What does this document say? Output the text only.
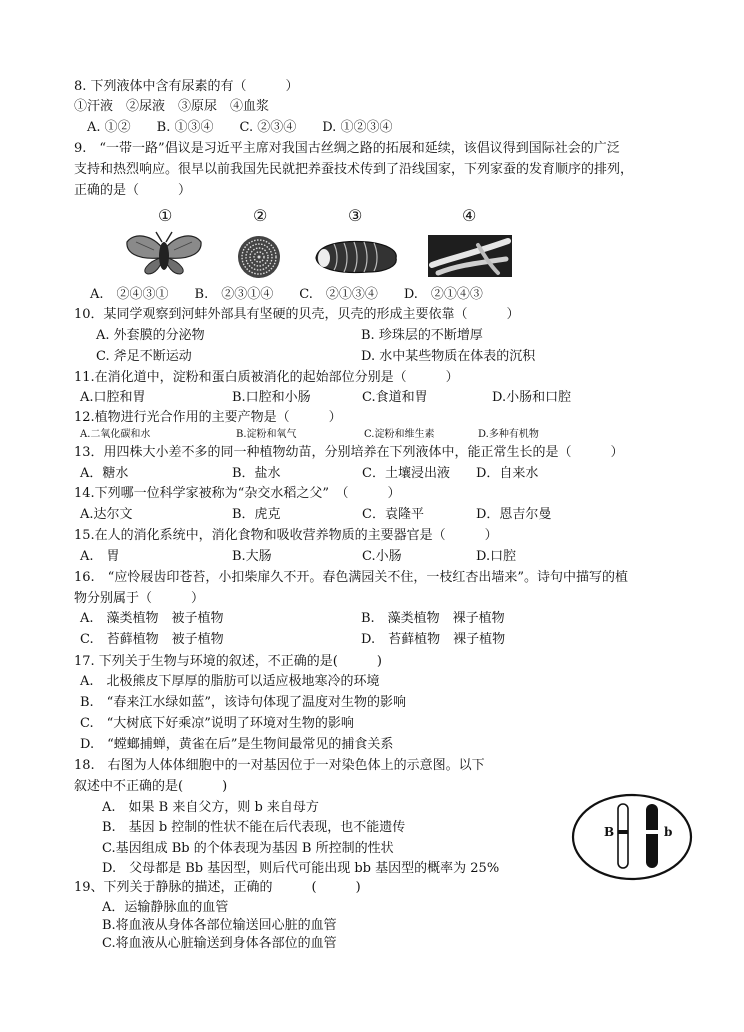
8. 下列液体中含有尿素的有（　　　）
①汗液　②尿液　③原尿　④血浆
　A. ①②　　B. ①③④　　C. ②③④　　D. ①②③④
9.　“一带一路”倡议是习近平主席对我国古丝绸之路的拓展和延续，该倡议得到国际社会的广泛
支持和热烈响应。很早以前我国先民就把养蚕技术传到了沿线国家，下列家蚕的发育顺序的排列，
正确的是（　　　）
①	②	③	④
A.　②④③①　　B.　②③①④　　C.　②①③④　　D.　②①④③
10．某同学观察到河蚌外部具有坚硬的贝壳，贝壳的形成主要依靠（　　　）
A. 外套膜的分泌物	B. 珍珠层的不断增厚
C. 斧足不断运动	D. 水中某些物质在体表的沉积
11.在消化道中，淀粉和蛋白质被消化的起始部位分别是（　　　）
A.口腔和胃	B.口腔和小肠	C.食道和胃	D.小肠和口腔
12.植物进行光合作用的主要产物是（　　　）
A.二氧化碳和水	B.淀粉和氧气	C.淀粉和维生素	D.多种有机物
13．用四株大小差不多的同一种植物幼苗，分别培养在下列液体中，能正常生长的是（　　　）
A．糖水	B．盐水	C．土壤浸出液 D．自来水
14.下列哪一位科学家被称为“杂交水稻之父”　（　　　）
A.达尔文	B．虎克	C．袁隆平	D．恩吉尔曼
15.在人的消化系统中，消化食物和吸收营养物质的主要器官是（　　　）
A.　胃	B.大肠	C.小肠	D.口腔
16.　“应怜屐齿印苍苔，小扣柴扉久不开。春色满园关不住，一枝红杏出墙来”。诗句中描写的植
物分别属于（　　　）
A.　藻类植物　被子植物	B.　藻类植物　裸子植物
C.　苔藓植物　被子植物	D.　苔藓植物　裸子植物
17. 下列关于生物与环境的叙述，不正确的是(　　　)
A.　北极熊皮下厚厚的脂肪可以适应极地寒冷的环境
B.　“春来江水绿如蓝”，该诗句体现了温度对生物的影响
C.　“大树底下好乘凉”说明了环境对生物的影响
D.　“螳螂捕蝉，黄雀在后”是生物间最常见的捕食关系
18.　右图为人体体细胞中的一对基因位于一对染色体上的示意图。以下
叙述中不正确的是(　　　)
A.　如果 B 来自父方，则 b 来自母方
B.　基因 b 控制的性状不能在后代表现，也不能遗传
C.基因组成 Bb 的个体表现为基因 B 所控制的性状
D.　父母都是 Bb 基因型，则后代可能出现 bb 基因型的概率为 25%
B	b
19、下列关于静脉的描述，正确的　　　(　　　)
A．运输静脉血的血管
B.将血液从身体各部位输送回心脏的血管
C.将血液从心脏输送到身体各部位的血管
